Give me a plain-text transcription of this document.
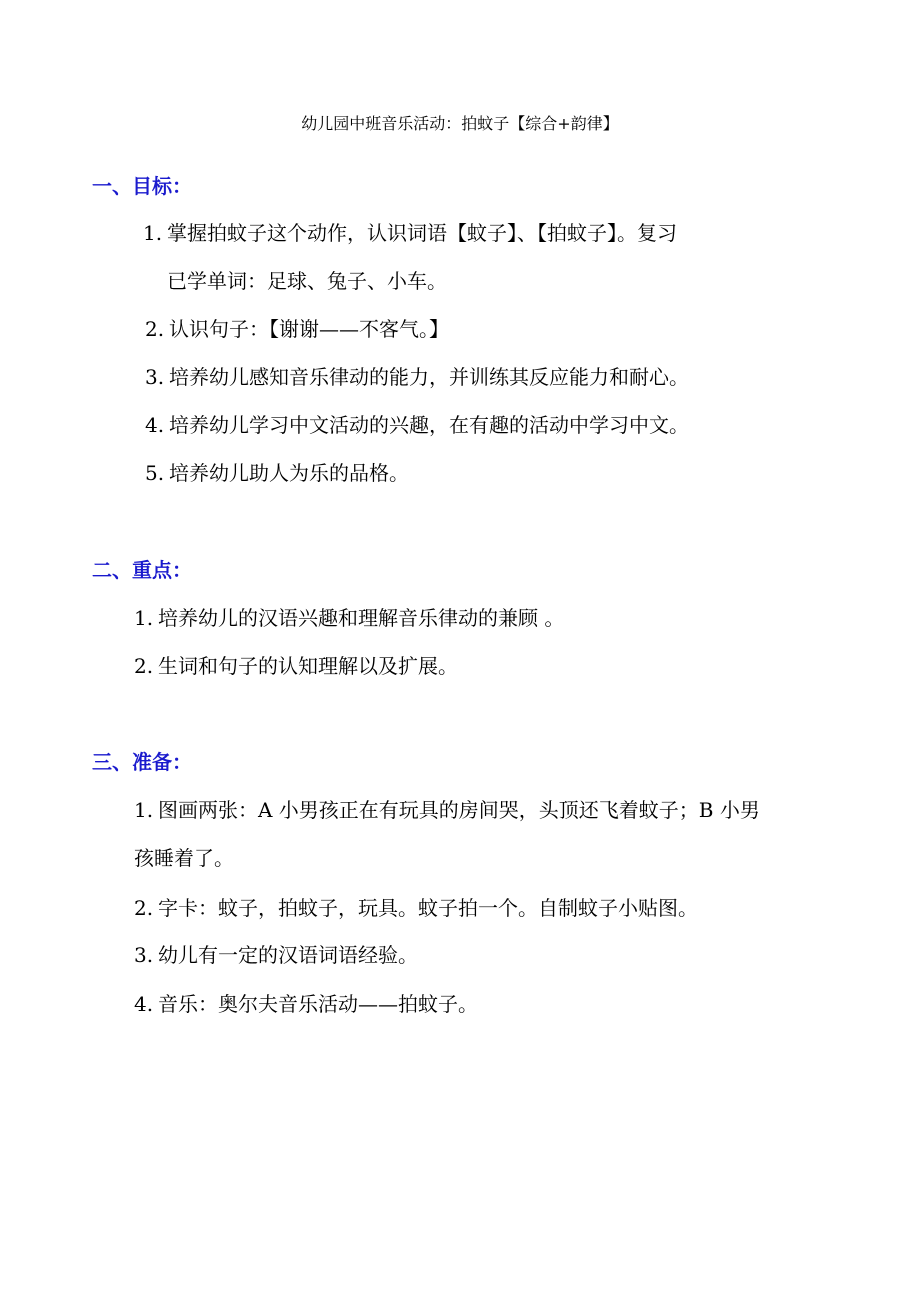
幼儿园中班音乐活动：拍蚊子【综合+韵律】
一、目标：
1. 掌握拍蚊子这个动作，认识词语【蚊子】、【拍蚊子】。复习
已学单词：足球、兔子、小车。
2. 认识句子：【谢谢——不客气。】
3. 培养幼儿感知音乐律动的能力，并训练其反应能力和耐心。
4. 培养幼儿学习中文活动的兴趣，在有趣的活动中学习中文。
5. 培养幼儿助人为乐的品格。
二、重点：
1. 培养幼儿的汉语兴趣和理解音乐律动的兼顾 。
2. 生词和句子的认知理解以及扩展。
三、准备：
1. 图画两张：A 小男孩正在有玩具的房间哭，头顶还飞着蚊子；B 小男
孩睡着了。
2. 字卡：蚊子，拍蚊子，玩具。蚊子拍一个。自制蚊子小贴图。
3. 幼儿有一定的汉语词语经验。
4. 音乐：奥尔夫音乐活动——拍蚊子。
